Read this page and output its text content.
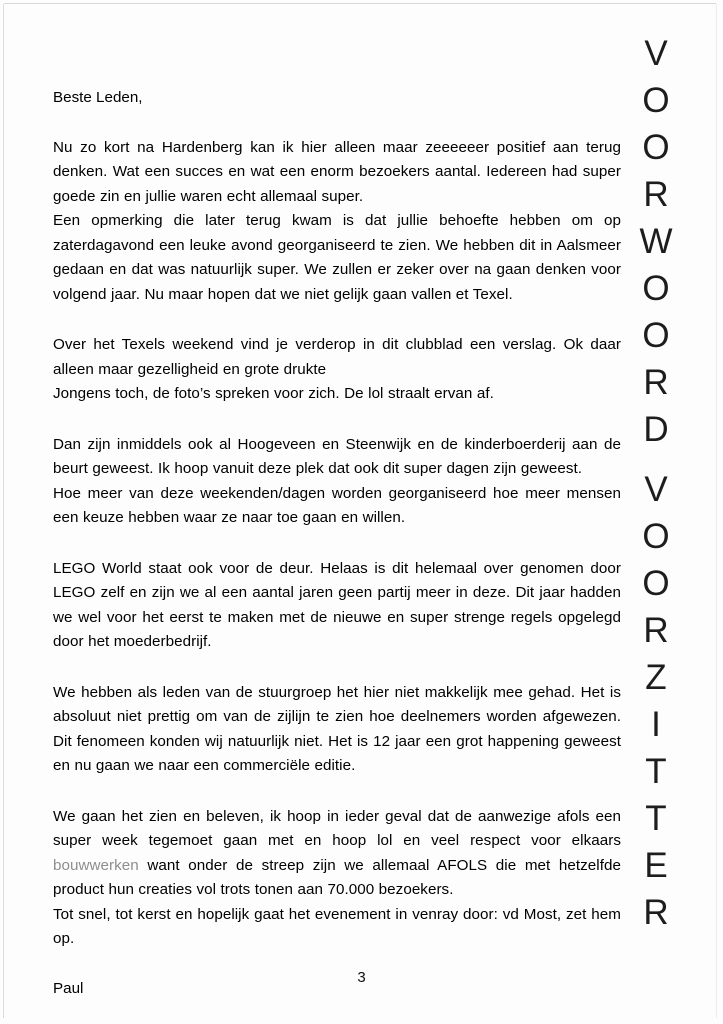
Beste Leden,

Nu zo kort na Hardenberg kan ik hier alleen maar zeeeeeer positief aan terug denken. Wat een succes en wat een enorm bezoekers aantal. Iedereen had super goede zin en jullie waren echt allemaal super.

Een opmerking die later terug kwam is dat jullie behoefte hebben om op zaterdagavond een leuke avond georganiseerd te zien. We hebben dit in Aalsmeer gedaan en dat was natuurlijk super. We zullen er zeker over na gaan denken voor volgend jaar. Nu maar hopen dat we niet gelijk gaan vallen et Texel.

Over het Texels weekend vind je verderop in dit clubblad een verslag. Ok daar alleen maar gezelligheid en grote drukte

Jongens toch, de foto’s spreken voor zich. De lol straalt ervan af.

Dan zijn inmiddels ook al Hoogeveen en Steenwijk en de kinderboerderij aan de beurt geweest. Ik hoop vanuit deze plek dat ook dit super dagen zijn geweest.

Hoe meer van deze weekenden/dagen worden georganiseerd hoe meer mensen een keuze hebben waar ze naar toe gaan en willen.

LEGO World staat ook voor de deur. Helaas is dit helemaal over genomen door LEGO zelf en zijn we al een aantal jaren geen partij meer in deze. Dit jaar hadden we wel voor het eerst te maken met de nieuwe en super strenge regels opgelegd door het moederbedrijf.

We hebben als leden van de stuurgroep het hier niet makkelijk mee gehad. Het is absoluut niet prettig om van de zijlijn te zien hoe deelnemers worden afgewezen. Dit fenomeen konden wij natuurlijk niet. Het is 12 jaar een grot happening geweest en nu gaan we naar een commerciële editie.

We gaan het zien en beleven, ik hoop in ieder geval dat de aanwezige afols een super week tegemoet gaan met en hoop lol en veel respect voor elkaars bouwwerken want onder de streep zijn we allemaal AFOLS die met hetzelfde product hun creaties vol trots tonen aan 70.000 bezoekers.

Tot snel, tot kerst en hopelijk gaat het evenement in venray door: vd Most, zet hem op.

Paul

V
O
O
R
W
O
O
R
D
V
O
O
R
Z
I
T
T
E
R
3
